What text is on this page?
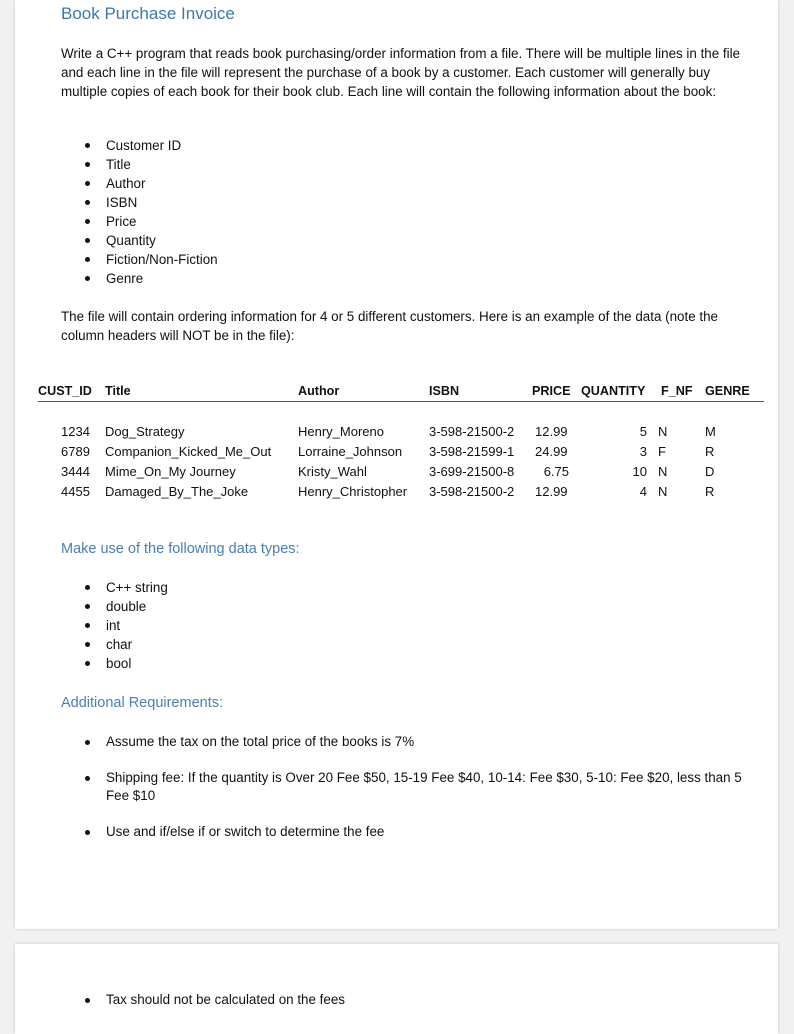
Book Purchase Invoice
Write a C++ program that reads book purchasing/order information from a file. There will be multiple lines in the file and each line in the file will represent the purchase of a book by a customer. Each customer will generally buy multiple copies of each book for their book club. Each line will contain the following information about the book:
Customer ID
Title
Author
ISBN
Price
Quantity
Fiction/Non-Fiction
Genre
The file will contain ordering information for 4 or 5 different customers. Here is an example of the data (note the column headers will NOT be in the file):
CUST_ID Title	Author	ISBN	PRICE QUANTITY F_NF GENRE
1234 Dog_Strategy	Henry_Moreno	3-598-21500-2 12.99	5 N	M
6789 Companion_Kicked_Me_Out Lorraine_Johnson 3-598-21599-1 24.99	3 F	R
3444 Mime_On_My Journey	Kristy_Wahl	3-699-21500-8	6.75	10 N	D
4455 Damaged_By_The_Joke	Henry_Christopher 3-598-21500-2 12.99	4 N	R
Make use of the following data types:
C++ string
double
int
char
bool
Additional Requirements:
Assume the tax on the total price of the books is 7%
Shipping fee: If the quantity is Over 20 Fee $50, 15-19 Fee $40, 10-14: Fee $30, 5-10: Fee $20, less than 5 Fee $10
Use and if/else if or switch to determine the fee
Tax should not be calculated on the fees
